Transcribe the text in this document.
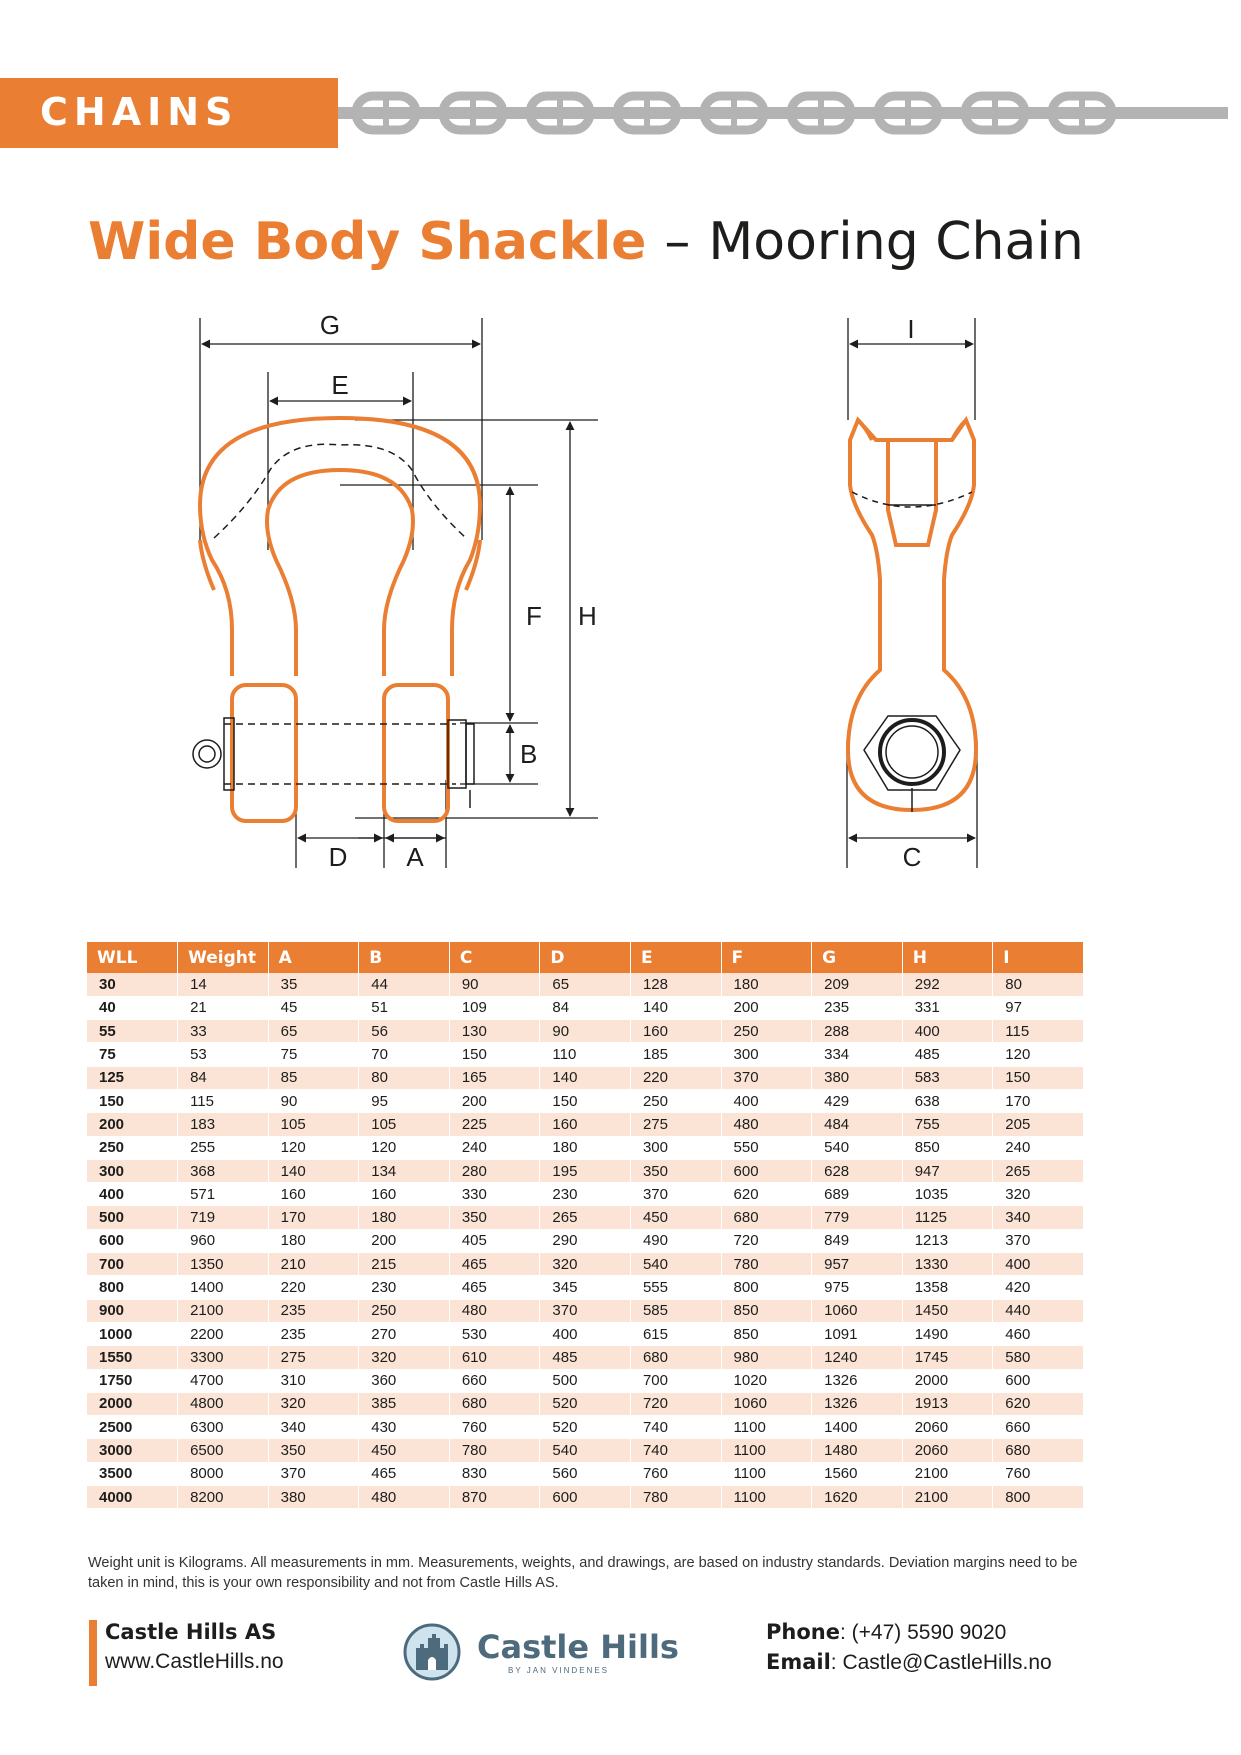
CHAINS
Wide Body Shackle – Mooring Chain
G
E
F H
B
D A
I
C
WLL	Weight	A	B	C	D	E	F	G	H	I
30	14	35	44	90	65	128	180	209	292	80
40	21	45	51	109	84	140	200	235	331	97
55	33	65	56	130	90	160	250	288	400	115
75	53	75	70	150	110	185	300	334	485	120
125	84	85	80	165	140	220	370	380	583	150
150	115	90	95	200	150	250	400	429	638	170
200	183	105	105	225	160	275	480	484	755	205
250	255	120	120	240	180	300	550	540	850	240
300	368	140	134	280	195	350	600	628	947	265
400	571	160	160	330	230	370	620	689	1035	320
500	719	170	180	350	265	450	680	779	1125	340
600	960	180	200	405	290	490	720	849	1213	370
700	1350	210	215	465	320	540	780	957	1330	400
800	1400	220	230	465	345	555	800	975	1358	420
900	2100	235	250	480	370	585	850	1060	1450	440
1000	2200	235	270	530	400	615	850	1091	1490	460
1550	3300	275	320	610	485	680	980	1240	1745	580
1750	4700	310	360	660	500	700	1020	1326	2000	600
2000	4800	320	385	680	520	720	1060	1326	1913	620
2500	6300	340	430	760	520	740	1100	1400	2060	660
3000	6500	350	450	780	540	740	1100	1480	2060	680
3500	8000	370	465	830	560	760	1100	1560	2100	760
4000	8200	380	480	870	600	780	1100	1620	2100	800

Weight unit is Kilograms. All measurements in mm. Measurements, weights, and drawings, are based on industry standards. Deviation margins need to be taken in mind, this is your own responsibility and not from Castle Hills AS.

Castle Hills AS
www.CastleHills.no	Castle Hills
BY JAN VINDENES
Phone: (+47) 5590 9020
Email: Castle@CastleHills.no
